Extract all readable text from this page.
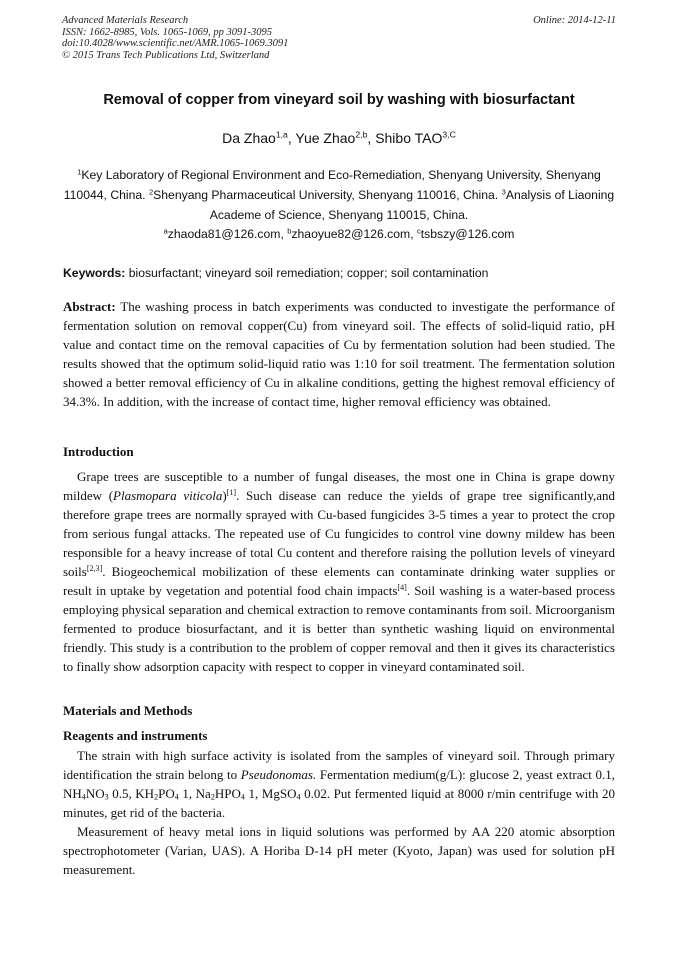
Advanced Materials Research
ISSN: 1662-8985, Vols. 1065-1069, pp 3091-3095
doi:10.4028/www.scientific.net/AMR.1065-1069.3091
© 2015 Trans Tech Publications Ltd, Switzerland
Online: 2014-12-11
Removal of copper from vineyard soil by washing with biosurfactant
Da Zhao$^{1,a}$, Yue Zhao$^{2,b}$, Shibo $TAO^{3,C}$
$^1$Key Laboratory of Regional Environment and Eco-Remediation, Shenyang University, Shenyang 110044, China. $^2$Shenyang Pharmaceutical University, Shenyang 110016, China. $^3$Analysis of Liaoning Academe of Science, Shenyang 110015, China.
$^a$zhaoda81@126.com, $^b$zhaoyue82@126.com, $^c$tsbszy@126.com
Keywords: biosurfactant; vineyard soil remediation; copper; soil contamination
Abstract: The washing process in batch experiments was conducted to investigate the performance of fermentation solution on removal copper(Cu) from vineyard soil. The effects of solid-liquid ratio, pH value and contact time on the removal capacities of Cu by fermentation solution had been studied. The results showed that the optimum solid-liquid ratio was 1:10 for soil treatment. The fermentation solution showed a better removal efficiency of Cu in alkaline conditions, getting the highest removal efficiency of 34.3%. In addition, with the increase of contact time, higher removal efficiency was obtained.
Introduction
Grape trees are susceptible to a number of fungal diseases, the most one in China is grape downy mildew (Plasmopara viticola)[1]. Such disease can reduce the yields of grape tree significantly,and therefore grape trees are normally sprayed with Cu-based fungicides 3-5 times a year to protect the crop from serious fungal attacks. The repeated use of Cu fungicides to control vine downy mildew has been responsible for a heavy increase of total Cu content and therefore raising the pollution levels of vineyard soils[2,3]. Biogeochemical mobilization of these elements can contaminate drinking water supplies or result in uptake by vegetation and potential food chain impacts[4]. Soil washing is a water-based process employing physical separation and chemical extraction to remove contaminants from soil. Microorganism fermented to produce biosurfactant, and it is better than synthetic washing liquid on environmental friendly. This study is a contribution to the problem of copper removal and then it gives its characteristics to finally show adsorption capacity with respect to copper in vineyard contaminated soil.
Materials and Methods
Reagents and instruments

The strain with high surface activity is isolated from the samples of vineyard soil. Through primary identification the strain belong to Pseudonomas. Fermentation medium(g/L): glucose 2, yeast extract 0.1, $NH_4NO_3$ 0.5, $KH_2PO_4$ 1, $Na_2HPO_4$ 1, MgSO$_4$ 0.02. Put fermented liquid at 8000 r/min centrifuge with 20 minutes, get rid of the bacteria.

Measurement of heavy metal ions in liquid solutions was performed by AA 220 atomic absorption spectrophotometer (Varian, UAS). A Horiba D-14 pH meter (Kyoto, Japan) was used for solution pH measurement.
